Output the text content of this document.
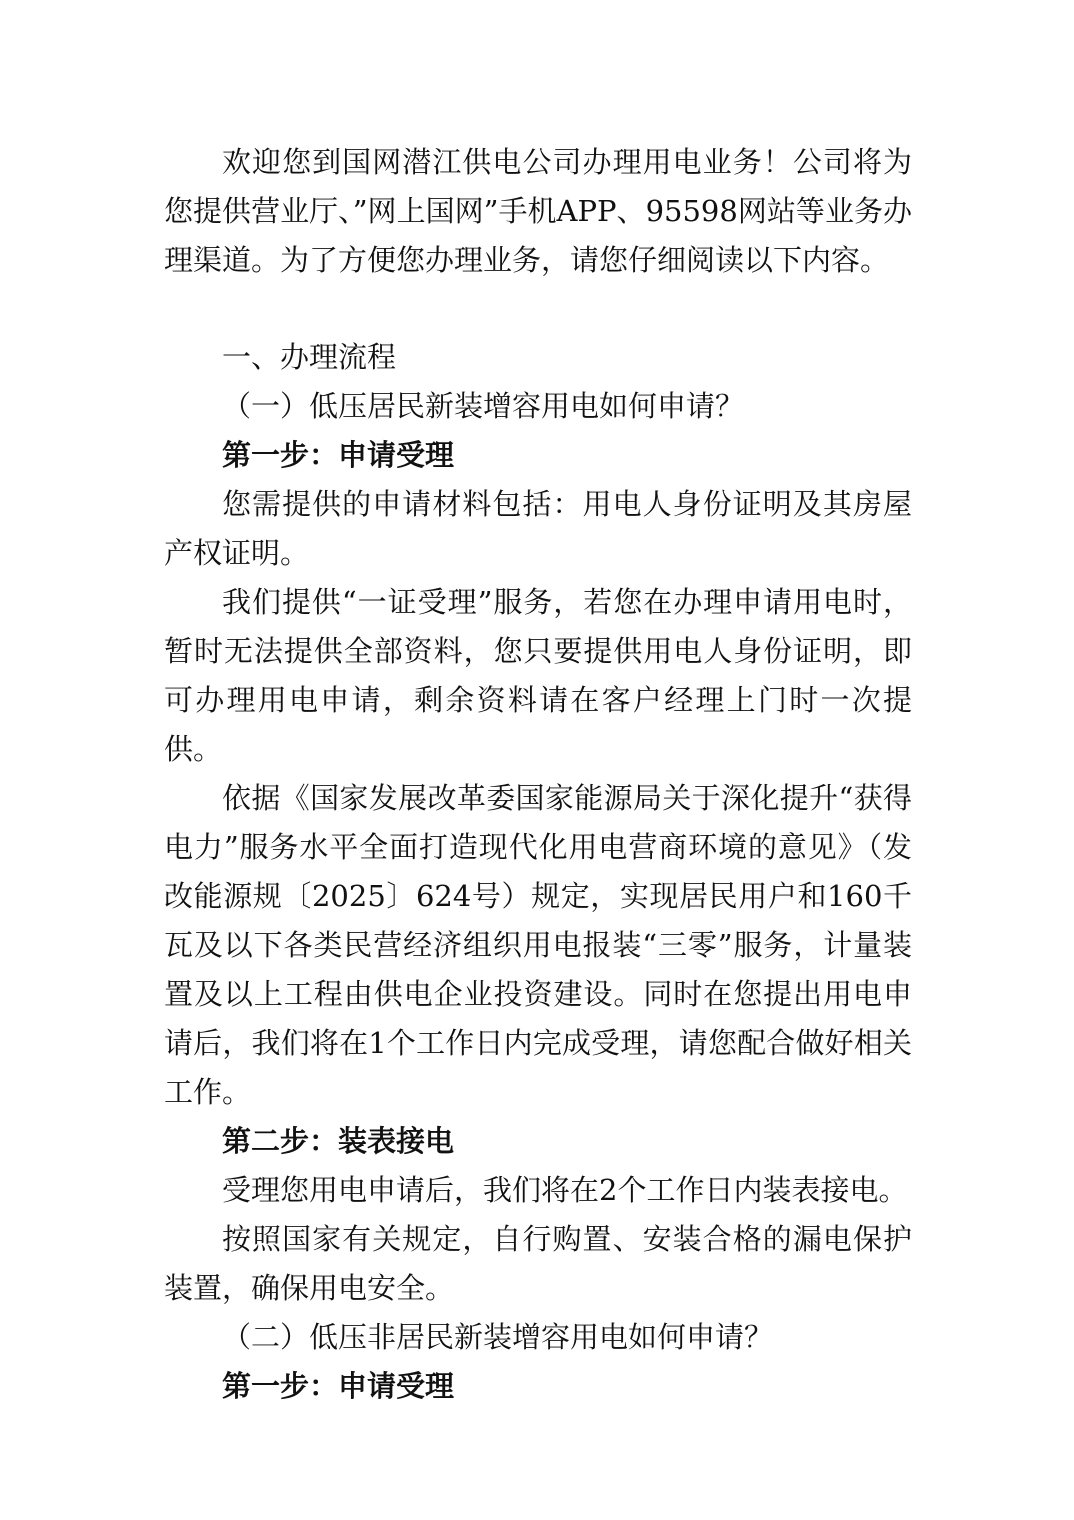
欢迎您到国网潜江供电公司办理用电业务！公司将为您提供营业厅、”网上国网”手机APP、95598网站等业务办理渠道。为了方便您办理业务，请您仔细阅读以下内容。

一、办理流程

（一）低压居民新装增容用电如何申请？

第一步：申请受理

您需提供的申请材料包括：用电人身份证明及其房屋产权证明。

我们提供“一证受理”服务，若您在办理申请用电时，暂时无法提供全部资料，您只要提供用电人身份证明，即可办理用电申请，剩余资料请在客户经理上门时一次提供。

依据《国家发展改革委国家能源局关于深化提升“获得电力”服务水平全面打造现代化用电营商环境的意见》（发改能源规〔2025〕624号）规定，实现居民用户和160千瓦及以下各类民营经济组织用电报装“三零”服务，计量装置及以上工程由供电企业投资建设。同时在您提出用电申请后，我们将在1个工作日内完成受理，请您配合做好相关工作。

第二步：装表接电

受理您用电申请后，我们将在2个工作日内装表接电。

按照国家有关规定，自行购置、安装合格的漏电保护装置，确保用电安全。

（二）低压非居民新装增容用电如何申请？

第一步：申请受理
